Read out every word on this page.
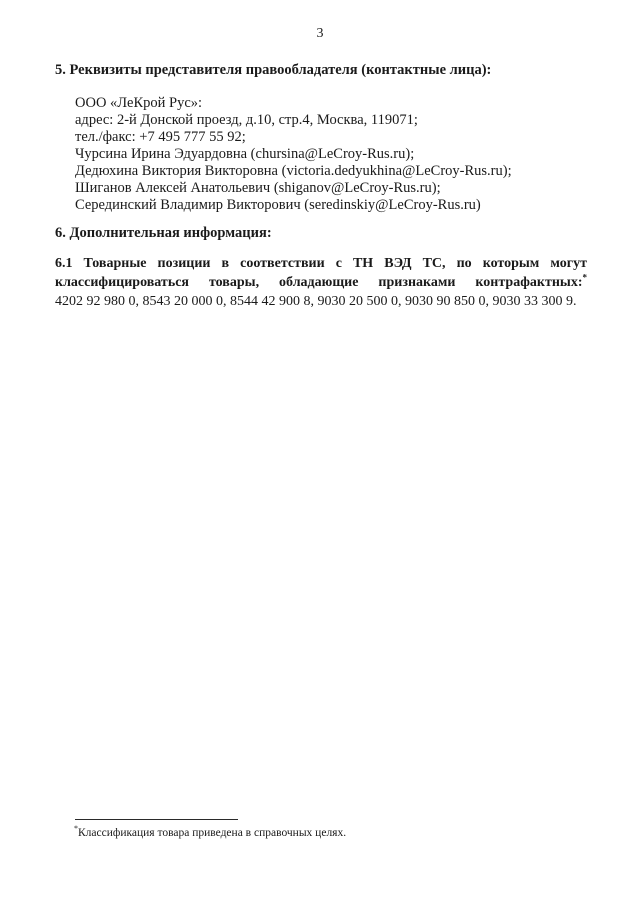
3
5. Реквизиты представителя правообладателя (контактные лица):
ООО «ЛеКрой Рус»:
адрес: 2-й Донской проезд, д.10, стр.4, Москва, 119071;
тел./факс: +7 495 777 55 92;
Чурсина Ирина Эдуардовна (chursina@LeCroy-Rus.ru);
Дедюхина Виктория Викторовна (victoria.dedyukhina@LeCroy-Rus.ru);
Шиганов Алексей Анатольевич (shiganov@LeCroy-Rus.ru);
Серединский Владимир Викторович (seredinskiy@LeCroy-Rus.ru)
6. Дополнительная информация:
6.1 Товарные позиции в соответствии с ТН ВЭД ТС, по которым могут классифицироваться товары, обладающие признаками контрафактных:*
4202 92 980 0, 8543 20 000 0, 8544 42 900 8, 9030 20 500 0, 9030 90 850 0, 9030 33 300 9.
*Классификация товара приведена в справочных целях.
